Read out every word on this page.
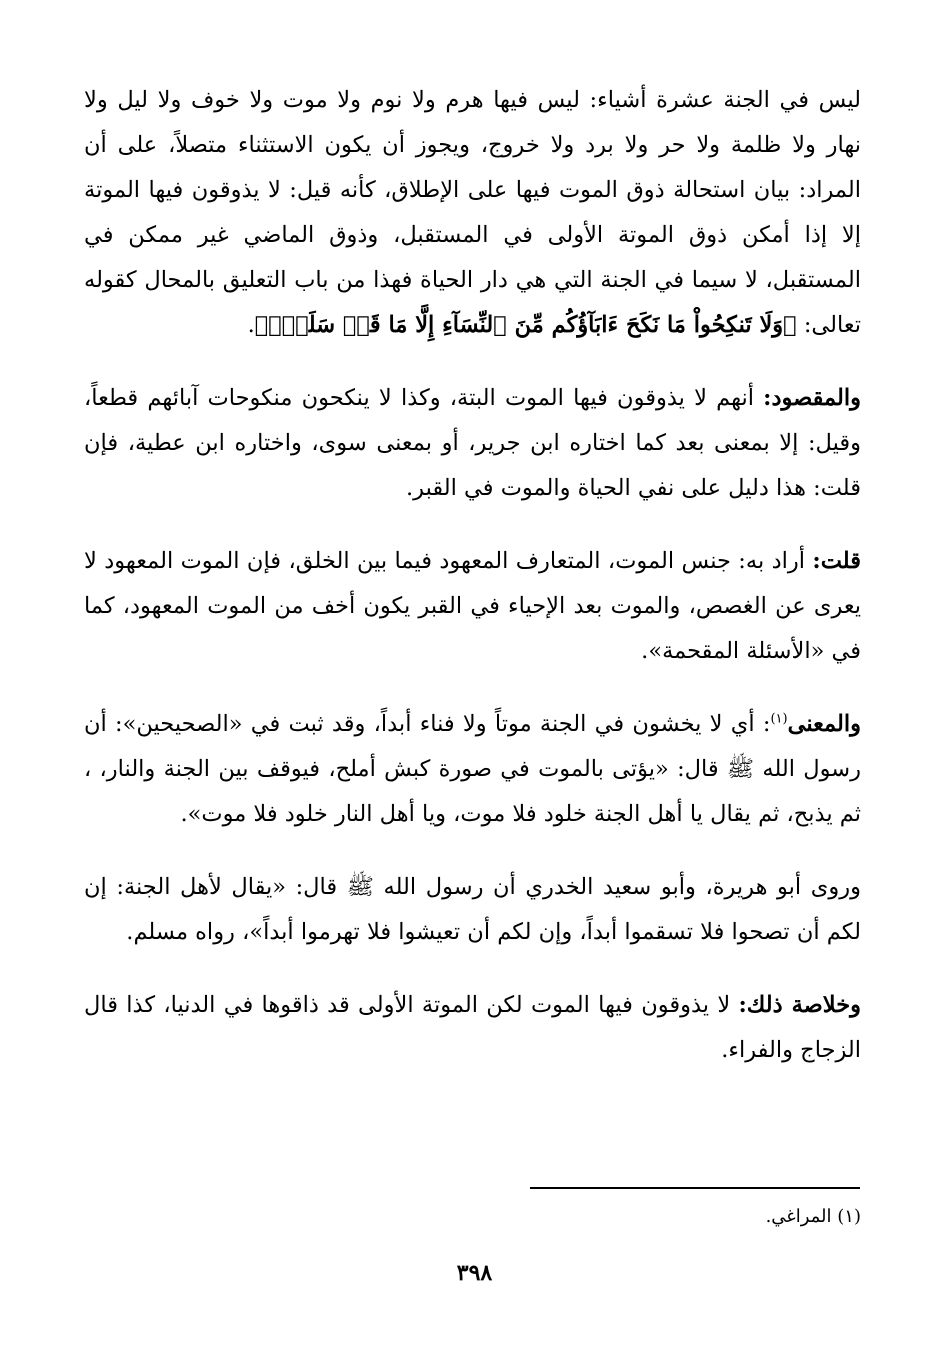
ليس في الجنة عشرة أشياء: ليس فيها هرم ولا نوم ولا موت ولا خوف ولا ليل ولا نهار ولا ظلمة ولا حر ولا برد ولا خروج، ويجوز أن يكون الاستثناء متصلاً، على أن المراد: بيان استحالة ذوق الموت فيها على الإطلاق، كأنه قيل: لا يذوقون فيها الموتة إلا إذا أمكن ذوق الموتة الأولى في المستقبل، وذوق الماضي غير ممكن في المستقبل، لا سيما في الجنة التي هي دار الحياة فهذا من باب التعليق بالمحال كقوله تعالى: ﴿وَلَا تَنكِحُواْ مَا نَكَحَ ءَابَآؤُكُم مِّنَ ٱلنِّسَآءِ إِلَّا مَا قَدۡ سَلَفَۚ﴾.

والمقصود: أنهم لا يذوقون فيها الموت البتة، وكذا لا ينكحون منكوحات آبائهم قطعاً، وقيل: إلا بمعنى بعد كما اختاره ابن جرير، أو بمعنى سوى، واختاره ابن عطية، فإن قلت: هذا دليل على نفي الحياة والموت في القبر.

قلت: أراد به: جنس الموت، المتعارف المعهود فيما بين الخلق، فإن الموت المعهود لا يعرى عن الغصص، والموت بعد الإحياء في القبر يكون أخف من الموت المعهود، كما في «الأسئلة المقحمة».

والمعنى$^{(١)}$: أي لا يخشون في الجنة موتاً ولا فناء أبداً، وقد ثبت في «الصحيحين»: أن رسول الله ﷺ قال: «يؤتى بالموت في صورة كبش أملح، فيوقف بين الجنة والنار، ، ثم يذبح، ثم يقال يا أهل الجنة خلود فلا موت، ويا أهل النار خلود فلا موت».

وروى أبو هريرة، وأبو سعيد الخدري أن رسول الله ﷺ قال: «يقال لأهل الجنة: إن لكم أن تصحوا فلا تسقموا أبداً، وإن لكم أن تعيشوا فلا تهرموا أبداً»، رواه مسلم.

وخلاصة ذلك: لا يذوقون فيها الموت لكن الموتة الأولى قد ذاقوها في الدنيا، كذا قال الزجاج والفراء.

(١) المراغي.
٣٩٨
